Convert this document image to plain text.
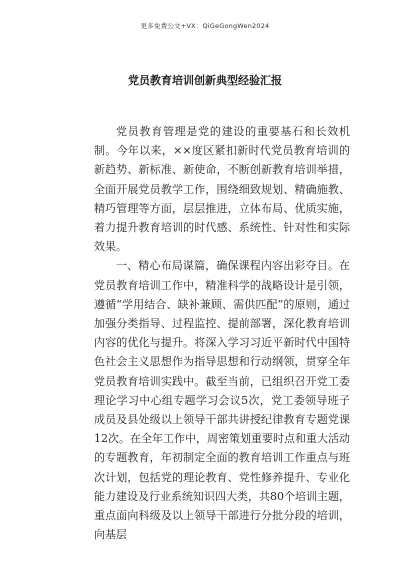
更多免费公文+VX：QiGeGongWen2024
党员教育培训创新典型经验汇报

党员教育管理是党的建设的重要基石和长效机制。今年以来，××度区紧扣新时代党员教育培训的新趋势、新标准、新使命，不断创新教育培训举措，全面开展党员教学工作，围绕细致规划、精确施教、精巧管理等方面，层层推进，立体布局、优质实施，着力提升教育培训的时代感、系统性、针对性和实际效果。

一、精心布局谋篇，确保课程内容出彩夺目。在党员教育培训工作中，精准科学的战略设计是引领，遵循“学用结合、缺补兼顾、需供匹配”的原则，通过加强分类指导、过程监控、提前部署，深化教育培训内容的优化与提升。将深入学习习近平新时代中国特色社会主义思想作为指导思想和行动纲领，贯穿全年党员教育培训实践中。截至当前，已组织召开党工委理论学习中心组专题学习会议5次，党工委领导班子成员及县处级以上领导干部共讲授纪律教育专题党课12次。在全年工作中，周密策划重要时点和重大活动的专题教育，年初制定全面的教育培训工作重点与班次计划，包括党的理论教育、党性修养提升、专业化能力建设及行业系统知识四大类，共80个培训主题，重点面向科级及以上领导干部进行分批分段的培训，向基层
